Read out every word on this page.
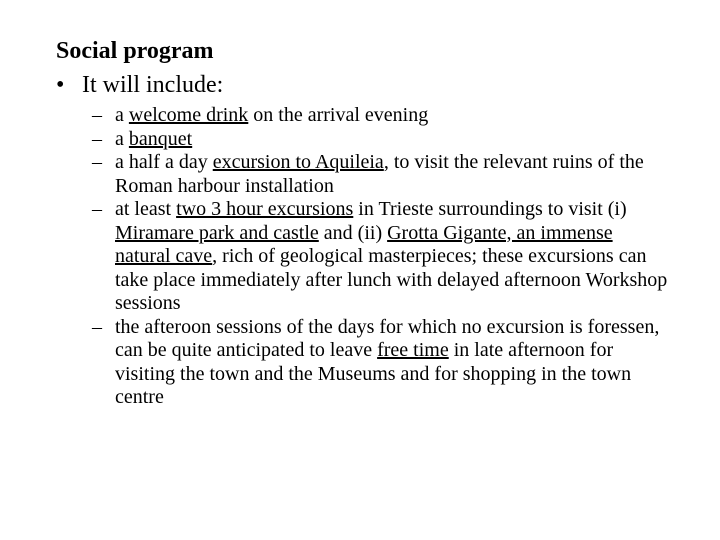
Social program
• It will include:
– a welcome drink on the arrival evening
– a banquet
– a half a day excursion to Aquileia, to visit the relevant ruins of the Roman harbour installation
– at least two 3 hour excursions in Trieste surroundings to visit (i) Miramare park and castle and (ii) Grotta Gigante, an immense natural cave, rich of geological masterpieces; these excursions can take place immediately after lunch with delayed afternoon Workshop sessions
– the afteroon sessions of the days for which no excursion is foressen, can be quite anticipated to leave free time in late afternoon for visiting the town and the Museums and for shopping in the town centre
